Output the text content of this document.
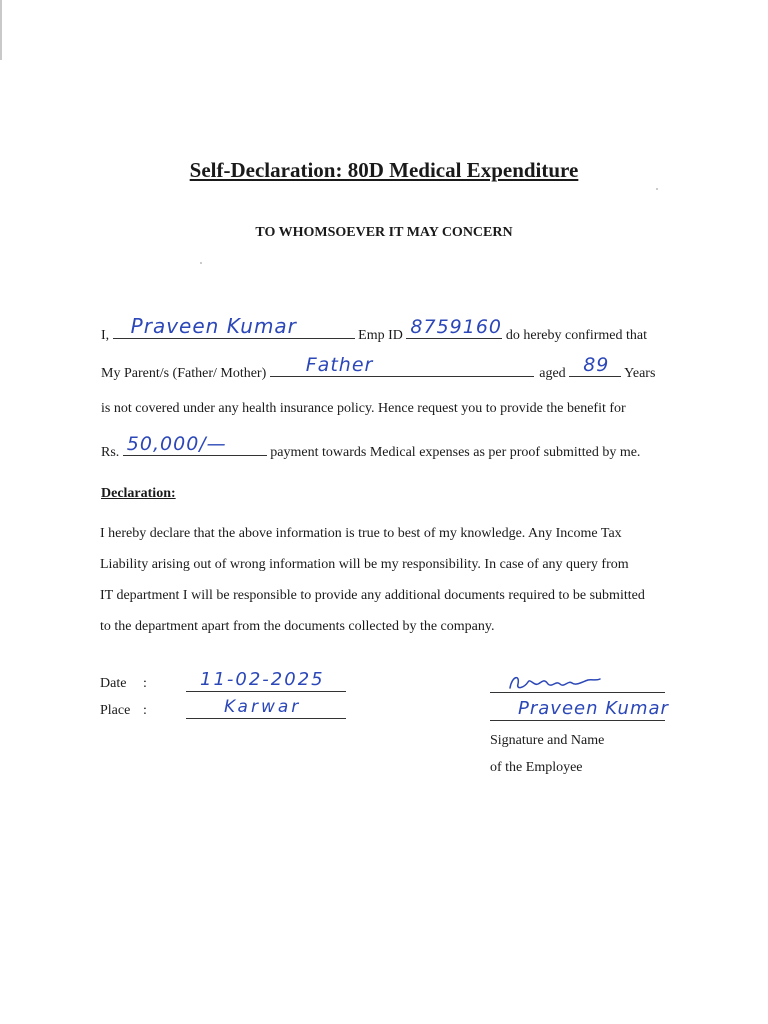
Self-Declaration: 80D Medical Expenditure
TO WHOMSOEVER IT MAY CONCERN
I, Praveen Kumar	Emp ID 8759160 do hereby confirmed that
My Parent/s (Father/ Mother) Father	aged 89 Years
is not covered under any health insurance policy. Hence request you to provide the benefit for
Rs. 50,000/—	payment towards Medical expenses as per proof submitted by me.
Declaration:
I hereby declare that the above information is true to best of my knowledge. Any Income Tax
Liability arising out of wrong information will be my responsibility. In case of any query from
IT department I will be responsible to provide any additional documents required to be submitted
to the department apart from the documents collected by the company.
Date :	11-02-2025
Place :	Karwar	Praveen Kumar
Signature and Name
of the Employee
